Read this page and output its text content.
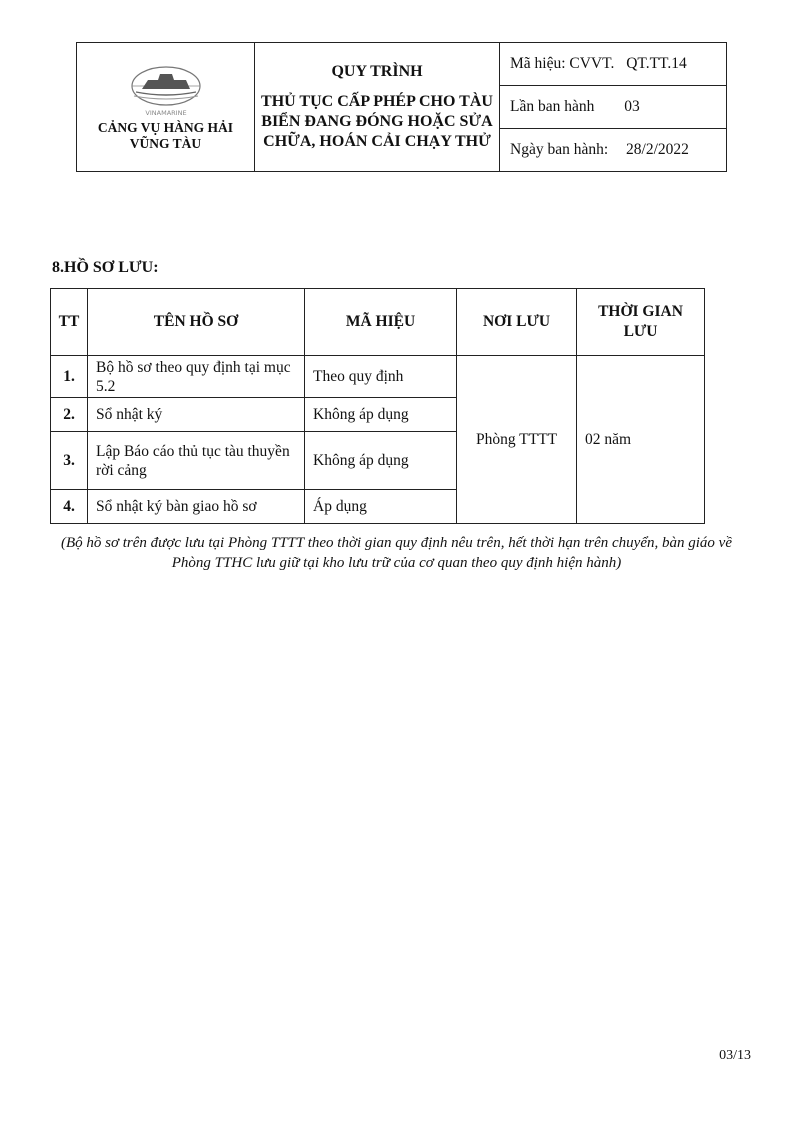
VINAMARINE
CẢNG VỤ HÀNG HẢI
VŨNG TÀU

QUY TRÌNH
THỦ TỤC CẤP PHÉP CHO TÀU BIỂN ĐANG ĐÓNG HOẶC SỬA CHỮA, HOÁN CẢI CHẠY THỬ	Mã hiệu: CVVT. QT.TT.14
Lần ban hành 03
Ngày ban hành: 28/2/2022
8.HỒ SƠ LƯU:
TT	TÊN HỒ SƠ	MÃ HIỆU	NƠI LƯU	THỜI GIAN LƯU
1.	Bộ hồ sơ theo quy định tại mục 5.2	Theo quy định	Phòng TTTT	02 năm
2.	Sổ nhật ký	Không áp dụng		
3.	Lập Báo cáo thủ tục tàu thuyền rời cảng	Không áp dụng		
4.	Sổ nhật ký bàn giao hồ sơ	Áp dụng		
(Bộ hồ sơ trên được lưu tại Phòng TTTT theo thời gian quy định nêu trên, hết thời hạn trên chuyển, bàn giáo về Phòng TTHC lưu giữ tại kho lưu trữ của cơ quan theo quy định hiện hành)
03/13
